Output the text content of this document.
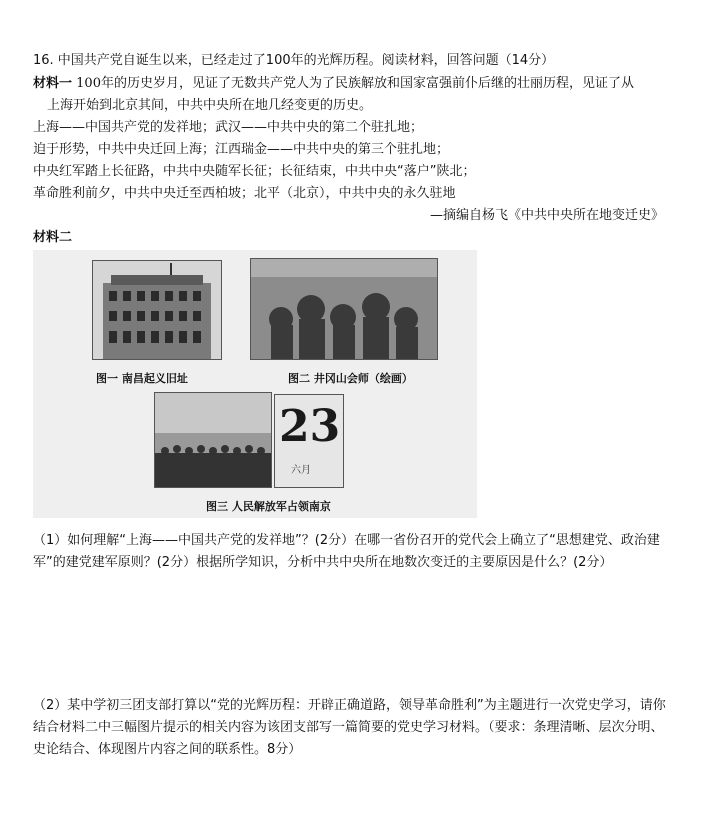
16. 中国共产党自诞生以来，已经走过了100年的光辉历程。阅读材料，回答问题（14分）
材料一 100年的历史岁月，见证了无数共产党人为了民族解放和国家富强前仆后继的壮丽历程，见证了从
上海开始到北京其间，中共中央所在地几经变更的历史。
上海——中国共产党的发祥地；武汉——中共中央的第二个驻扎地；
迫于形势，中共中央迁回上海；江西瑞金——中共中央的第三个驻扎地；
中央红军踏上长征路，中共中央随军长征；长征结束，中共中央“落户”陕北；
革命胜利前夕，中共中央迁至西柏坡；北平（北京），中共中央的永久驻地
—摘编自杨飞《中共中央所在地变迁史》
材料二
图一 南昌起义旧址	图二 井冈山会师（绘画）
23
六月
图三 人民解放军占领南京
（1）如何理解“上海——中国共产党的发祥地”？(2分）在哪一省份召开的党代会上确立了“思想建党、政治建军”的建党建军原则？(2分）根据所学知识，分析中共中央所在地数次变迁的主要原因是什么？(2分）
（2）某中学初三团支部打算以“党的光辉历程：开辟正确道路，领导革命胜利”为主题进行一次党史学习，请你结合材料二中三幅图片提示的相关内容为该团支部写一篇简要的党史学习材料。（要求：条理清晰、层次分明、史论结合、体现图片内容之间的联系性。8分）
